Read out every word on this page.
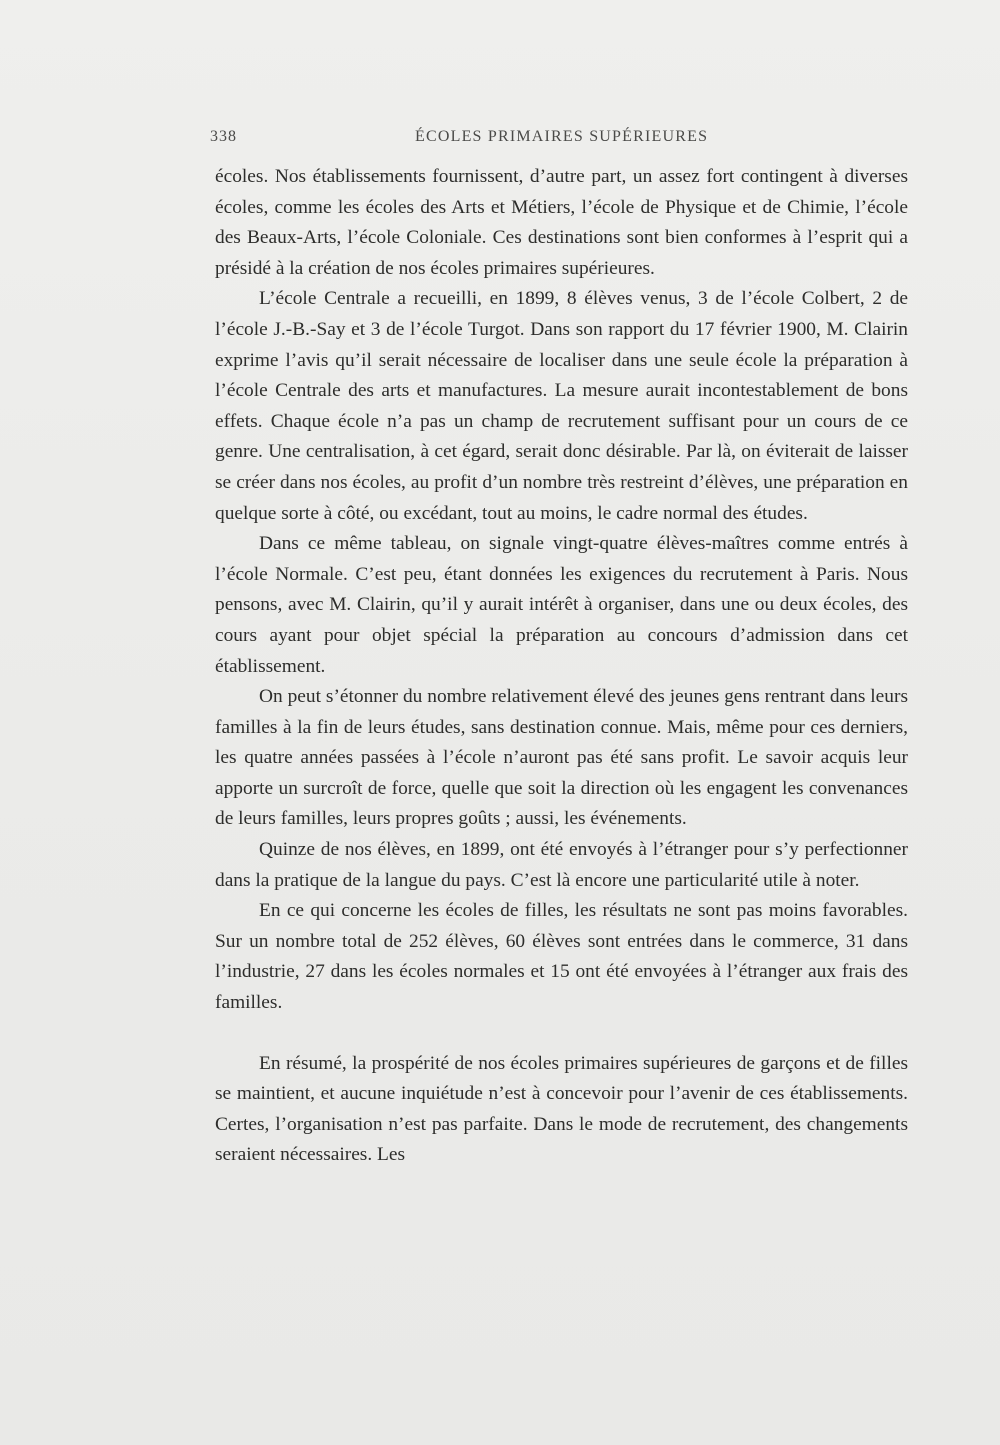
338	ÉCOLES PRIMAIRES SUPÉRIEURES

écoles. Nos établissements fournissent, d’autre part, un assez fort contingent à diverses écoles, comme les écoles des Arts et Métiers, l’école de Physique et de Chimie, l’école des Beaux-Arts, l’école Coloniale. Ces destinations sont bien conformes à l’esprit qui a présidé à la création de nos écoles primaires supérieures.

L’école Centrale a recueilli, en 1899, 8 élèves venus, 3 de l’école Colbert, 2 de l’école J.-B.-Say et 3 de l’école Turgot. Dans son rapport du 17 février 1900, M. Clairin exprime l’avis qu’il serait nécessaire de localiser dans une seule école la préparation à l’école Centrale des arts et manufactures. La mesure aurait incontestablement de bons effets. Chaque école n’a pas un champ de recrutement suffisant pour un cours de ce genre. Une centralisation, à cet égard, serait donc désirable. Par là, on éviterait de laisser se créer dans nos écoles, au profit d’un nombre très restreint d’élèves, une préparation en quelque sorte à côté, ou excédant, tout au moins, le cadre normal des études.

Dans ce même tableau, on signale vingt-quatre élèves-maîtres comme entrés à l’école Normale. C’est peu, étant données les exigences du recrutement à Paris. Nous pensons, avec M. Clairin, qu’il y aurait intérêt à organiser, dans une ou deux écoles, des cours ayant pour objet spécial la préparation au concours d’admission dans cet établissement.

On peut s’étonner du nombre relativement élevé des jeunes gens rentrant dans leurs familles à la fin de leurs études, sans destination connue. Mais, même pour ces derniers, les quatre années passées à l’école n’auront pas été sans profit. Le savoir acquis leur apporte un surcroît de force, quelle que soit la direction où les engagent les convenances de leurs familles, leurs propres goûts ; aussi, les événements.

Quinze de nos élèves, en 1899, ont été envoyés à l’étranger pour s’y perfectionner dans la pratique de la langue du pays. C’est là encore une particularité utile à noter.

En ce qui concerne les écoles de filles, les résultats ne sont pas moins favorables. Sur un nombre total de 252 élèves, 60 élèves sont entrées dans le commerce, 31 dans l’industrie, 27 dans les écoles normales et 15 ont été envoyées à l’étranger aux frais des familles.

En résumé, la prospérité de nos écoles primaires supérieures de garçons et de filles se maintient, et aucune inquiétude n’est à concevoir pour l’avenir de ces établissements. Certes, l’organisation n’est pas parfaite. Dans le mode de recrutement, des changements seraient nécessaires. Les
